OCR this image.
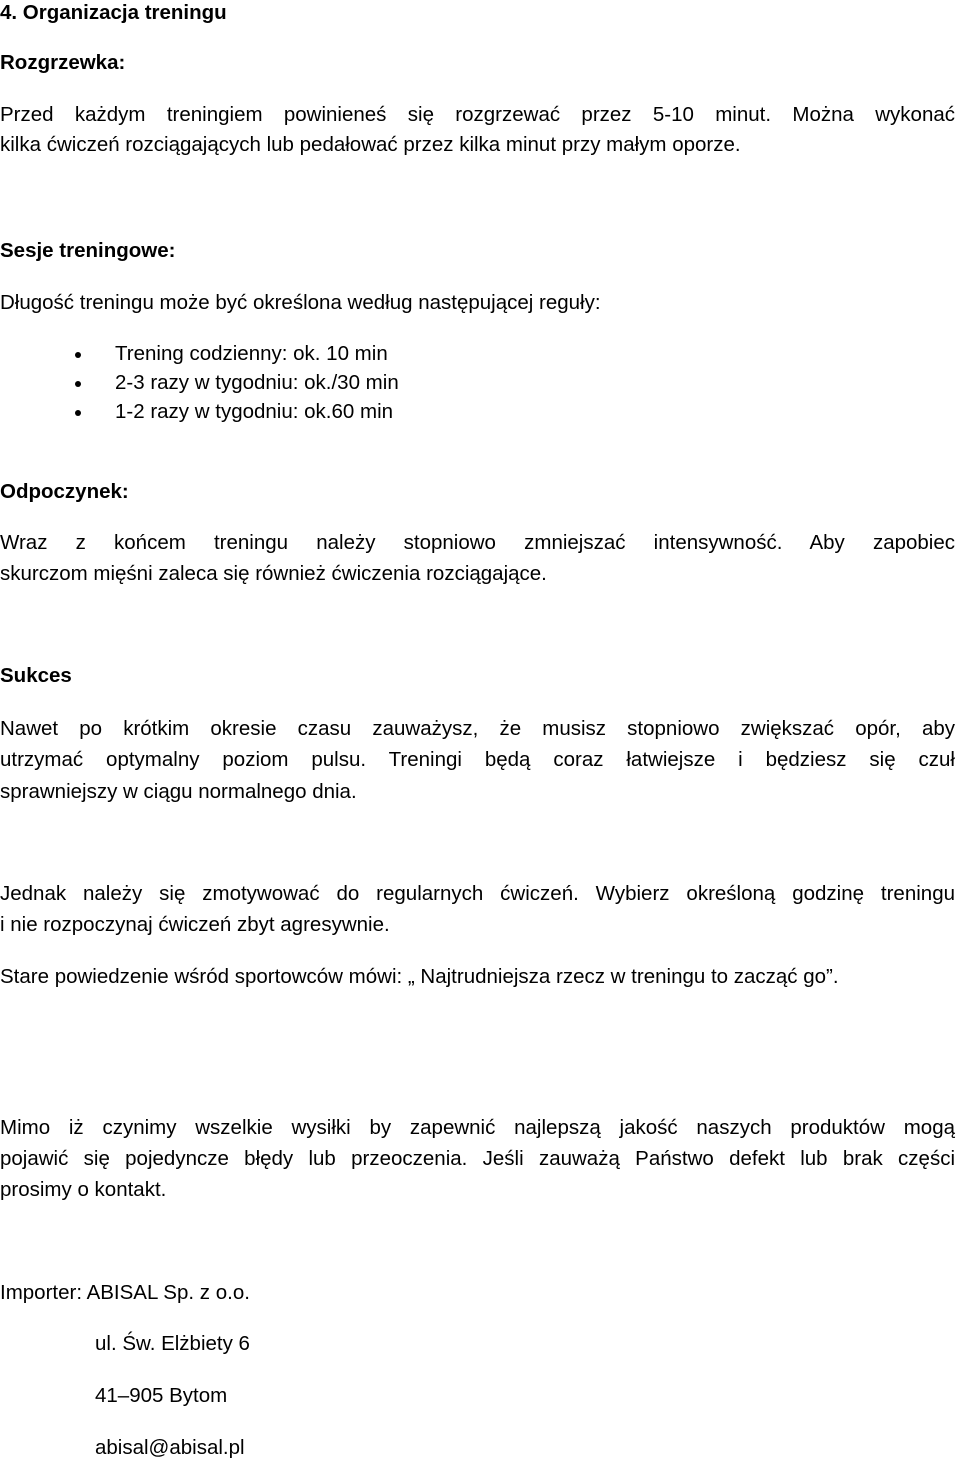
4. Organizacja treningu
Rozgrzewka:
Przed każdym treningiem powinieneś się rozgrzewać przez 5-10 minut. Można wykonać
kilka ćwiczeń rozciągających lub pedałować przez kilka minut przy małym oporze.
Sesje treningowe:
Długość treningu może być określona według następującej reguły:
Trening codzienny: ok. 10 min
2-3 razy w tygodniu: ok./30 min
1-2 razy w tygodniu: ok.60 min
Odpoczynek:
Wraz z końcem treningu należy stopniowo zmniejszać intensywność. Aby zapobiec
skurczom mięśni zaleca się również ćwiczenia rozciągające.
Sukces
Nawet po krótkim okresie czasu zauważysz, że musisz stopniowo zwiększać opór, aby
utrzymać optymalny poziom pulsu. Treningi będą coraz łatwiejsze i będziesz się czuł
sprawniejszy w ciągu normalnego dnia.
Jednak należy się zmotywować do regularnych ćwiczeń. Wybierz określoną godzinę treningu
i nie rozpoczynaj ćwiczeń zbyt agresywnie.
Stare powiedzenie wśród sportowców mówi: „ Najtrudniejsza rzecz w treningu to zacząć go”.
Mimo iż czynimy wszelkie wysiłki by zapewnić najlepszą jakość naszych produktów mogą
pojawić się pojedyncze błędy lub przeoczenia. Jeśli zauważą Państwo defekt lub brak części
prosimy o kontakt.
Importer: ABISAL Sp. z o.o.
ul. Św. Elżbiety 6
41–905 Bytom
abisal@abisal.pl
